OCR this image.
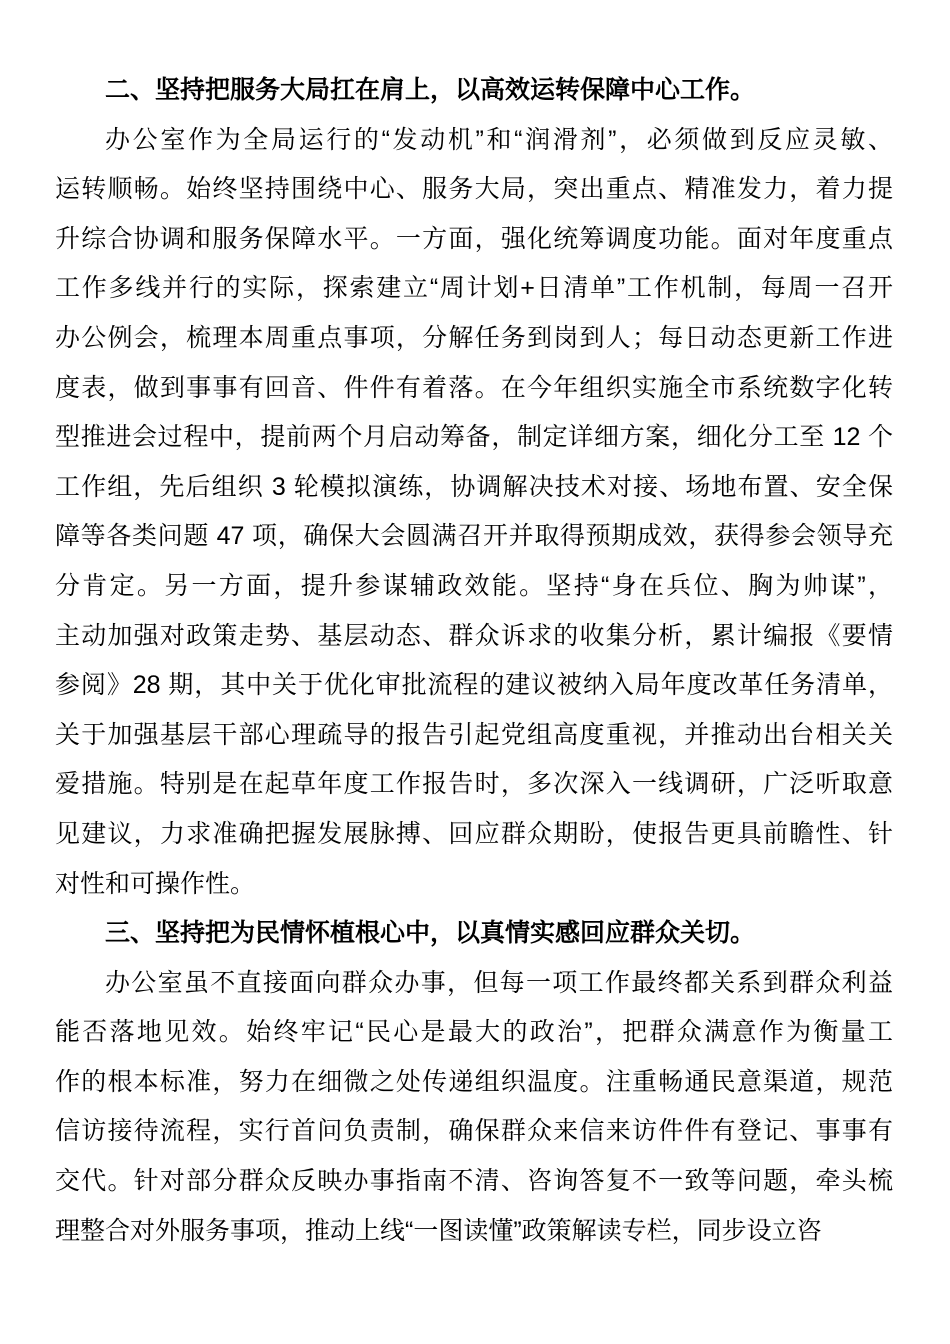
二、坚持把服务大局扛在肩上，以高效运转保障中心工作。
办公室作为全局运行的“发动机”和“润滑剂”，必须做到反应灵敏、
运转顺畅。始终坚持围绕中心、服务大局，突出重点、精准发力，着力提
升综合协调和服务保障水平。一方面，强化统筹调度功能。面对年度重点
工作多线并行的实际，探索建立“周计划+日清单”工作机制，每周一召开
办公例会，梳理本周重点事项，分解任务到岗到人；每日动态更新工作进
度表，做到事事有回音、件件有着落。在今年组织实施全市系统数字化转
型推进会过程中，提前两个月启动筹备，制定详细方案，细化分工至 12 个
工作组，先后组织 3 轮模拟演练，协调解决技术对接、场地布置、安全保
障等各类问题 47 项，确保大会圆满召开并取得预期成效，获得参会领导充
分肯定。另一方面，提升参谋辅政效能。坚持“身在兵位、胸为帅谋”，
主动加强对政策走势、基层动态、群众诉求的收集分析，累计编报《要情
参阅》28 期，其中关于优化审批流程的建议被纳入局年度改革任务清单，
关于加强基层干部心理疏导的报告引起党组高度重视，并推动出台相关关
爱措施。特别是在起草年度工作报告时，多次深入一线调研，广泛听取意
见建议，力求准确把握发展脉搏、回应群众期盼，使报告更具前瞻性、针
对性和可操作性。
三、坚持把为民情怀植根心中，以真情实感回应群众关切。
办公室虽不直接面向群众办事，但每一项工作最终都关系到群众利益
能否落地见效。始终牢记“民心是最大的政治”，把群众满意作为衡量工
作的根本标准，努力在细微之处传递组织温度。注重畅通民意渠道，规范
信访接待流程，实行首问负责制，确保群众来信来访件件有登记、事事有
交代。针对部分群众反映办事指南不清、咨询答复不一致等问题，牵头梳
理整合对外服务事项，推动上线“一图读懂”政策解读专栏，同步设立咨
